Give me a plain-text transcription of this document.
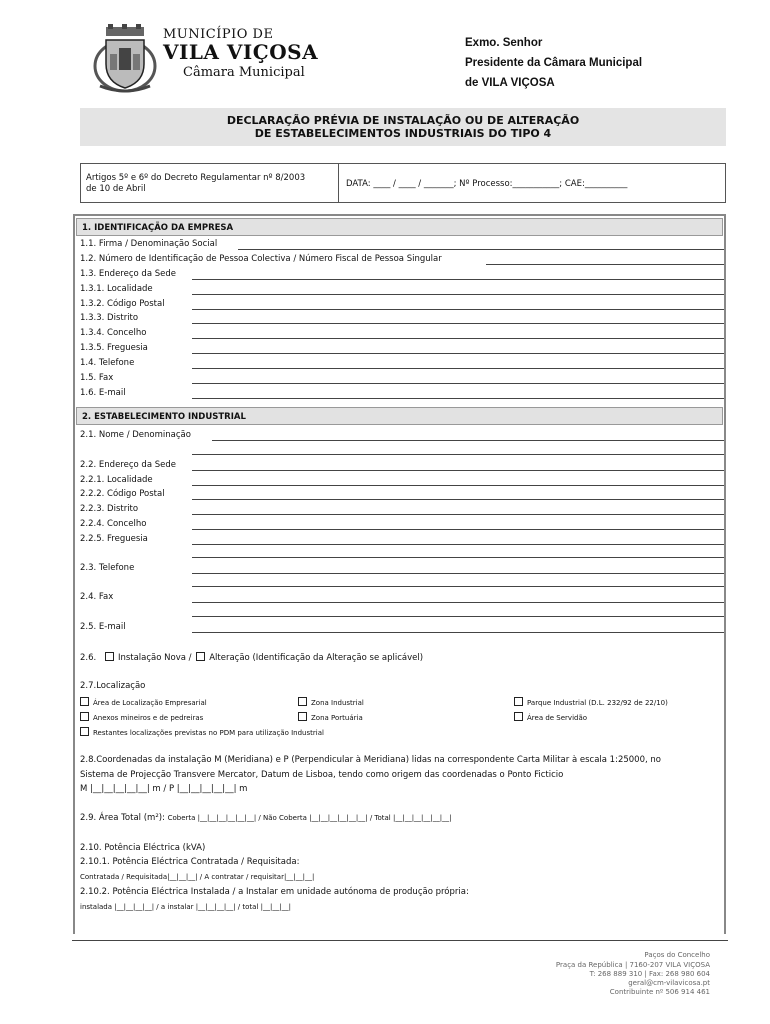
MUNICÍPIO DE
VILA VIÇOSA
Câmara Municipal
Exmo. Senhor
Presidente da Câmara Municipal
de VILA VIÇOSA
DECLARAÇÃO PRÉVIA DE INSTALAÇÃO OU DE ALTERAÇÃO
DE ESTABELECIMENTOS INDUSTRIAIS DO TIPO 4
Artigos 5º e 6º do Decreto Regulamentar nº 8/2003
de 10 de Abril	DATA: ____ / ____ / _______; Nº Processo:___________; CAE:__________
1. IDENTIFICAÇÃO DA EMPRESA
1.1. Firma / Denominação Social
1.2. Número de Identificação de Pessoa Colectiva / Número Fiscal de Pessoa Singular
1.3. Endereço da Sede
1.3.1. Localidade
1.3.2. Código Postal
1.3.3. Distrito
1.3.4. Concelho
1.3.5. Freguesia
1.4. Telefone
1.5. Fax
1.6. E-mail
2. ESTABELECIMENTO INDUSTRIAL
2.1. Nome / Denominação
2.2. Endereço da Sede
2.2.1. Localidade
2.2.2. Código Postal
2.2.3. Distrito
2.2.4. Concelho
2.2.5. Freguesia
2.3. Telefone
2.4. Fax
2.5. E-mail
2.6.	Instalação Nova / Alteração (Identificação da Alteração se aplicável)
2.7.Localização
Área de Localização Empresarial	Zona Industrial	Parque Industrial (D.L. 232/92 de 22/10)
Anexos mineiros e de pedreiras	Zona Portuária	Área de Servidão
Restantes localizações previstas no PDM para utilização Industrial
2.8.Coordenadas da instalação M (Meridiana) e P (Perpendicular à Meridiana) lidas na correspondente Carta Militar à escala 1:25000, no
Sistema de Projecção Transvere Mercator, Datum de Lisboa, tendo como origem das coordenadas o Ponto Ficticio
M |__|__|__|__|__| m / P |__|__|__|__|__| m
2.9. Área Total (m²): Coberta |__|__|__|__|__|__| / Não Coberta |__|__|__|__|__|__| / Total |__|__|__|__|__|__|
2.10. Potência Eléctrica (kVA)
2.10.1. Potência Eléctrica Contratada / Requisitada:
Contratada / Requisitada|__|__|__| / A contratar / requisitar|__|__|__|
2.10.2. Potência Eléctrica Instalada / a Instalar em unidade autónoma de produção própria:
instalada |__|__|__|__| / a instalar |__|__|__|__| / total |__|__|__|
Paços do Concelho
Praça da República | 7160-207 VILA VIÇOSA
T: 268 889 310 | Fax: 268 980 604
geral@cm-vilavicosa.pt
Contribuinte nº 506 914 461
